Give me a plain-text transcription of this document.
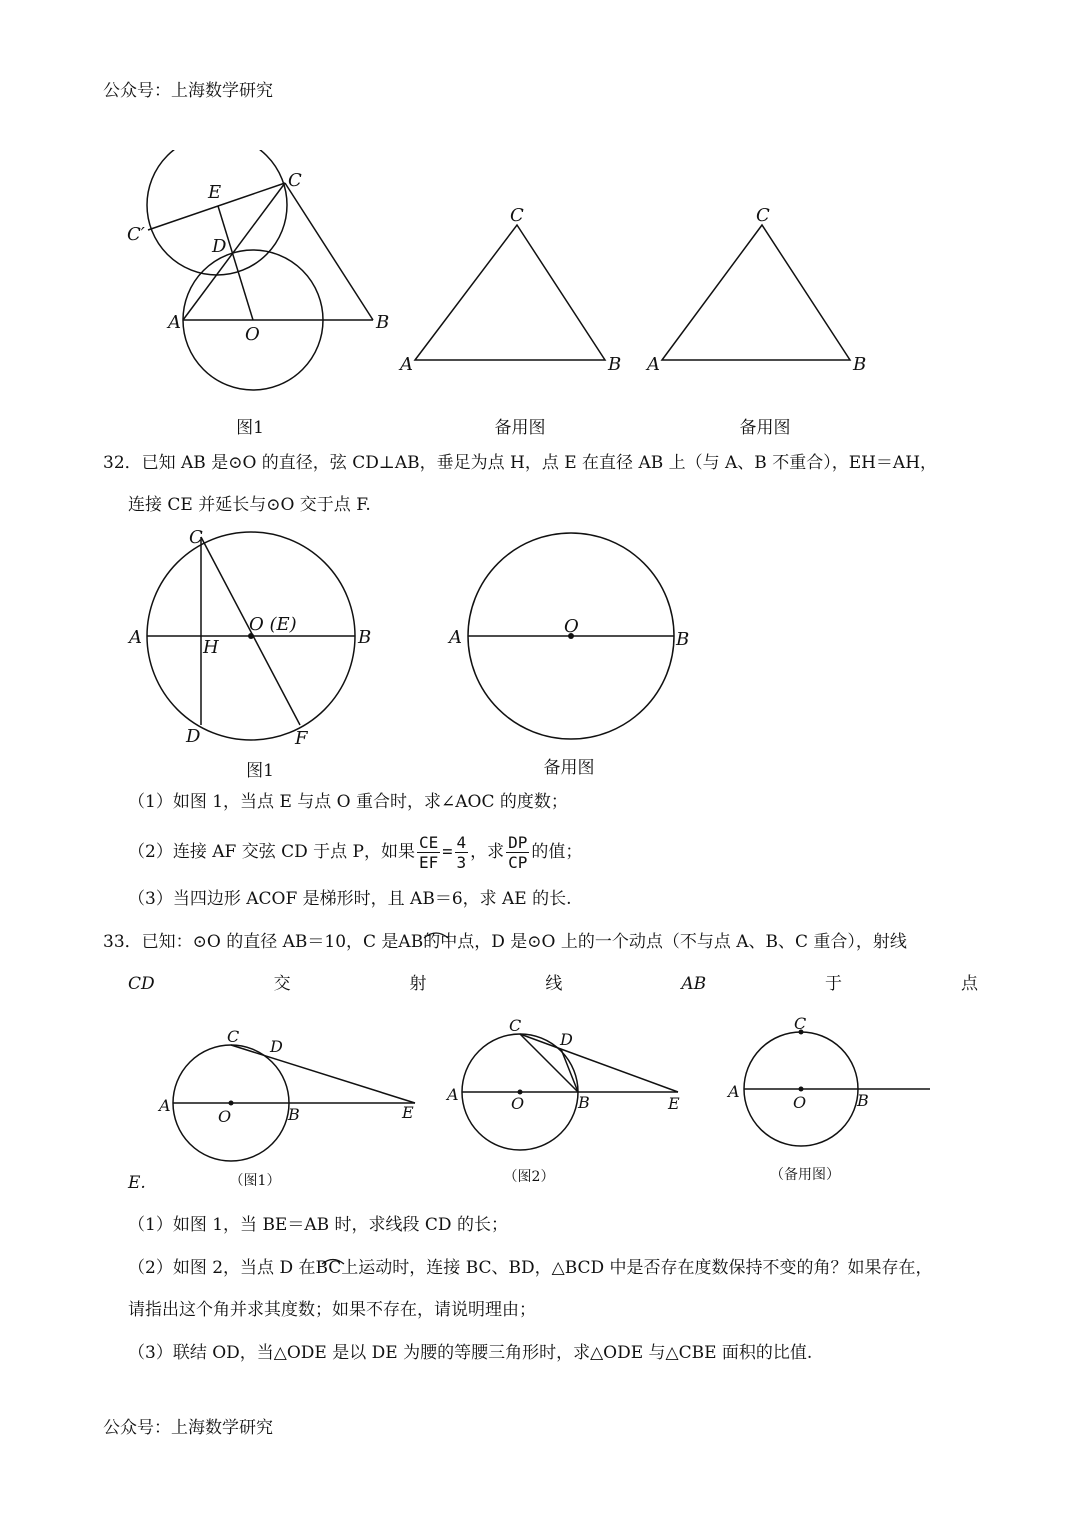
公众号：上海数学研究
C
C′
E
D
A
O
B
C
A	B
C
A	B
图1	备用图	备用图
32．已知 AB 是⊙O 的直径，弦 CD⊥AB，垂足为点 H，点 E 在直径 AB 上（与 A、B 不重合），EH＝AH，
连接 CE 并延长与⊙O 交于点 F.
C
A	H
O (E)
B
D	F
A
O
B
图1	备用图
（1）如图 1，当点 E 与点 O 重合时，求∠AOC 的度数；
（2）连接 AF 交弦 CD 于点 P，如果 $\frac{CE}{EF} = \frac{4}{3}$ ，求 $\frac{DP}{CP}$ 的值；
（3）当四边形 ACOF 是梯形时，且 AB＝6，求 AE 的长.
33．已知：⊙O 的直径 AB＝10，C 是AB的中点，D 是⊙O 上的一个动点（不与点 A、B、C 重合），射线
CD	交	射	线	AB	于	点
C
D
A
O	B	E
C
D
A	O	B	E
C
A
O	B
（图1）	（图2）	（备用图）
E.
（1）如图 1，当 BE＝AB 时，求线段 CD 的长；
（2）如图 2，当点 D 在BC上运动时，连接 BC、BD，△BCD 中是否存在度数保持不变的角？如果存在，
请指出这个角并求其度数；如果不存在，请说明理由；
（3）联结 OD，当△ODE 是以 DE 为腰的等腰三角形时，求△ODE 与△CBE 面积的比值.
公众号：上海数学研究
